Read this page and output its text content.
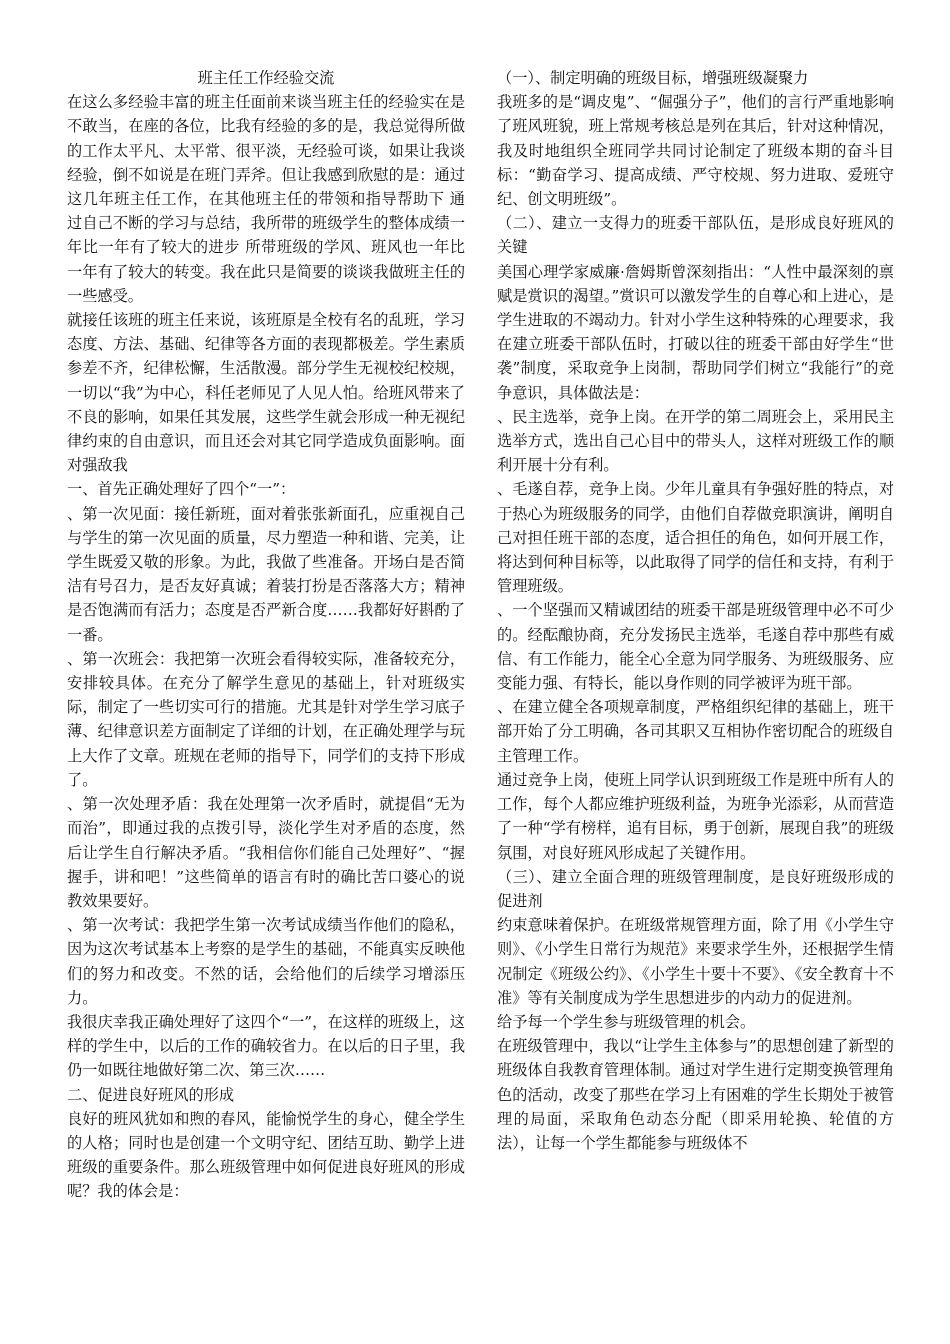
班主任工作经验交流

在这么多经验丰富的班主任面前来谈当班主任的经验实在是不敢当，在座的各位，比我有经验的多的是，我总觉得所做的工作太平凡、太平常、很平淡，无经验可谈，如果让我谈经验，倒不如说是在班门弄斧。但让我感到欣慰的是：通过这几年班主任工作，在其他班主任的带领和指导帮助下 通过自己不断的学习与总结，我所带的班级学生的整体成绩一年比一年有了较大的进步 所带班级的学风、班风也一年比一年有了较大的转变。我在此只是简要的谈谈我做班主任的一些感受。

就接任该班的班主任来说，该班原是全校有名的乱班，学习态度、方法、基础、纪律等各方面的表现都极差。学生素质参差不齐，纪律松懈，生活散漫。部分学生无视校纪校规，一切以“我”为中心，科任老师见了人见人怕。给班风带来了不良的影响，如果任其发展，这些学生就会形成一种无视纪律约束的自由意识，而且还会对其它同学造成负面影响。面对强敌我

一、首先正确处理好了四个“一”：

、第一次见面：接任新班，面对着张张新面孔，应重视自己与学生的第一次见面的质量，尽力塑造一种和谐、完美，让学生既爱又敬的形象。为此，我做了些准备。开场白是否简洁有号召力，是否友好真诚；着装打扮是否落落大方；精神是否饱满而有活力；态度是否严新合度……我都好好斟酌了一番。

、第一次班会：我把第一次班会看得较实际，准备较充分，安排较具体。在充分了解学生意见的基础上，针对班级实际，制定了一些切实可行的措施。尤其是针对学生学习底子薄、纪律意识差方面制定了详细的计划，在正确处理学与玩上大作了文章。班规在老师的指导下，同学们的支持下形成了。

、第一次处理矛盾：我在处理第一次矛盾时，就提倡“无为而治”，即通过我的点拨引导，淡化学生对矛盾的态度，然后让学生自行解决矛盾。“我相信你们能自己处理好”、“握握手，讲和吧！”这些简单的语言有时的确比苦口婆心的说教效果要好。

、第一次考试：我把学生第一次考试成绩当作他们的隐私，因为这次考试基本上考察的是学生的基础，不能真实反映他们的努力和改变。不然的话，会给他们的后续学习增添压力。

我很庆幸我正确处理好了这四个“一”，在这样的班级上，这样的学生中，以后的工作的确较省力。在以后的日子里，我仍一如既往地做好第二次、第三次……

二、促进良好班风的形成

良好的班风犹如和煦的春风，能愉悦学生的身心，健全学生的人格；同时也是创建一个文明守纪、团结互助、勤学上进班级的重要条件。那么班级管理中如何促进良好班风的形成呢？我的体会是：

（一）、制定明确的班级目标，增强班级凝聚力

我班多的是“调皮鬼”、“倔强分子”，他们的言行严重地影响了班风班貌，班上常规考核总是列在其后，针对这种情况，我及时地组织全班同学共同讨论制定了班级本期的奋斗目标：“勤奋学习、提高成绩、严守校规、努力进取、爱班守纪、创文明班级”。

（二）、建立一支得力的班委干部队伍，是形成良好班风的关键

美国心理学家威廉·詹姆斯曾深刻指出：“人性中最深刻的禀赋是赏识的渴望。”赏识可以激发学生的自尊心和上进心，是学生进取的不竭动力。针对小学生这种特殊的心理要求，我在建立班委干部队伍时，打破以往的班委干部由好学生“世袭”制度，采取竞争上岗制，帮助同学们树立“我能行”的竞争意识，具体做法是：

、民主选举，竞争上岗。在开学的第二周班会上，采用民主选举方式，选出自己心目中的带头人，这样对班级工作的顺利开展十分有利。

、毛遂自荐，竞争上岗。少年儿童具有争强好胜的特点，对于热心为班级服务的同学，由他们自荐做竞职演讲，阐明自己对担任班干部的态度，适合担任的角色，如何开展工作，将达到何种目标等，以此取得了同学的信任和支持，有利于管理班级。

、一个坚强而又精诚团结的班委干部是班级管理中必不可少的。经酝酿协商，充分发扬民主选举，毛遂自荐中那些有威信、有工作能力，能全心全意为同学服务、为班级服务、应变能力强、有特长，能以身作则的同学被评为班干部。

、在建立健全各项规章制度，严格组织纪律的基础上，班干部开始了分工明确，各司其职又互相协作密切配合的班级自主管理工作。

通过竞争上岗，使班上同学认识到班级工作是班中所有人的工作，每个人都应维护班级利益，为班争光添彩，从而营造了一种“学有榜样，追有目标，勇于创新，展现自我”的班级氛围，对良好班风形成起了关键作用。

（三）、建立全面合理的班级管理制度，是良好班级形成的促进剂

约束意味着保护。在班级常规管理方面，除了用《小学生守则》、《小学生日常行为规范》来要求学生外，还根据学生情况制定《班级公约》、《小学生十要十不要》、《安全教育十不准》等有关制度成为学生思想进步的内动力的促进剂。

给予每一个学生参与班级管理的机会。

在班级管理中，我以“让学生主体参与”的思想创建了新型的班级体自我教育管理体制。通过对学生进行定期变换管理角色的活动，改变了那些在学习上有困难的学生长期处于被管理的局面，采取角色动态分配（即采用轮换、轮值的方法），让每一个学生都能参与班级体不
